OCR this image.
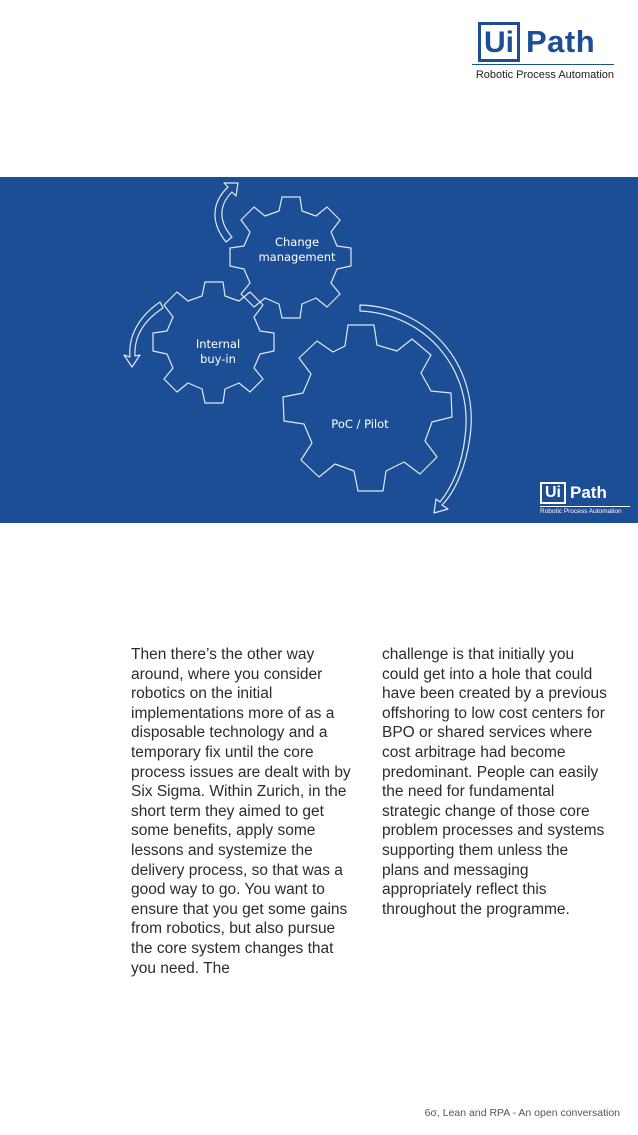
Ui Path
Robotic Process Automation
Change
management
Internal
buy-in
PoC / Pilot
Ui Path
Robotic Process Automation
Then there’s the other way around, where you consider robotics on the initial implementations more of as a disposable technology and a temporary fix until the core process issues are dealt with by Six Sigma. Within Zurich, in the short term they aimed to get some benefits, apply some lessons and systemize the delivery process, so that was a good way to go. You want to ensure that you get some gains from robotics, but also pursue the core system changes that you need. The
challenge is that initially you could get into a hole that could have been created by a previous offshoring to low cost centers for BPO or shared services where cost arbitrage had become predominant. People can easily the need for fundamental strategic change of those core problem processes and systems supporting them unless the plans and messaging appropriately reflect this throughout the programme.
6σ, Lean and RPA - An open conversation
